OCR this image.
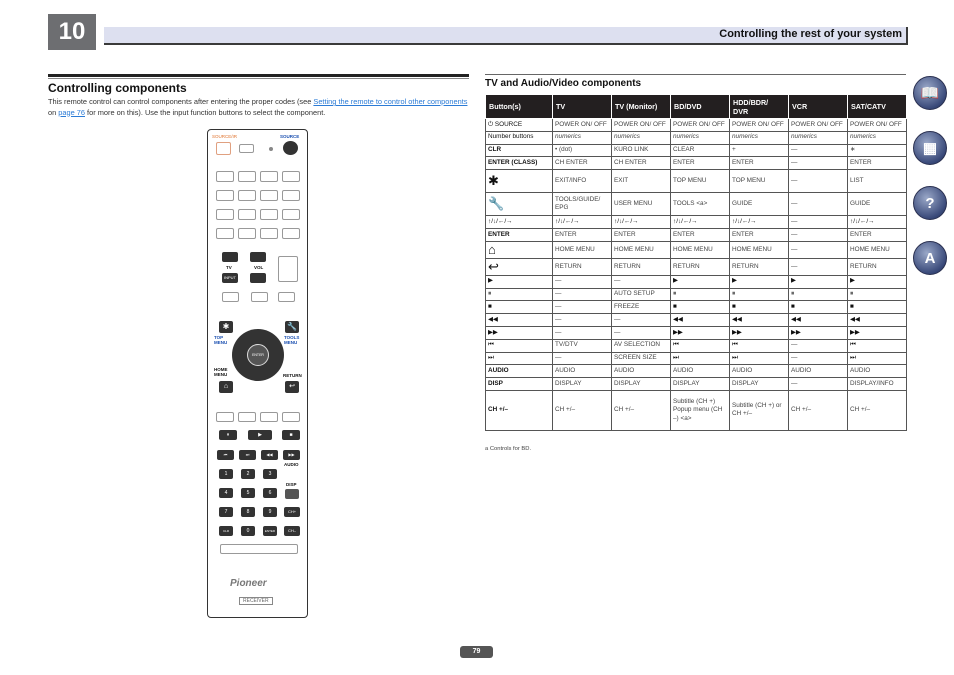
10	Controlling the rest of your system
Controlling components
This remote control can control components after entering the proper codes (see Setting the remote to control other components on page 76 for more on this). Use the input function buttons to select the component.
SOURCE/IR	SOURCE
TV	VOL
INPUT
✱	🔧
TOP MENU
TOOLS MENU
ENTER
HOME MENU	RETURN
⌂	↩
⏸	▶	■
⏮	⏭	◀◀	▶▶
AUDIO
DISP
CH+
CH–
Pioneer
RECEIVER
1	2	3
4	5	6
7	8	9
CLR	0	ENTER
TV and Audio/Video components
Button(s)	TV	TV (Monitor)	BD/DVD	HDD/BDR/ DVR	VCR	SAT/CATV
⏻ SOURCE	POWER ON/ OFF	POWER ON/ OFF	POWER ON/ OFF	POWER ON/ OFF	POWER ON/ OFF	POWER ON/ OFF
Number buttons	numerics	numerics	numerics	numerics	numerics	numerics
CLR	• (dot)	KURO LINK	CLEAR	+	—	∗
ENTER (CLASS)	CH ENTER	CH ENTER	ENTER	ENTER	—	ENTER
✱	EXIT/INFO	EXIT	TOP MENU	TOP MENU	—	LIST
🔧	TOOLS/GUIDE/ EPG	USER MENU	TOOLS <a>	GUIDE	—	GUIDE
↑/↓/←/→	↑/↓/←/→	↑/↓/←/→	↑/↓/←/→	↑/↓/←/→	—	↑/↓/←/→
ENTER	ENTER	ENTER	ENTER	ENTER	—	ENTER
⌂	HOME MENU	HOME MENU	HOME MENU	HOME MENU	—	HOME MENU
↩	RETURN	RETURN	RETURN	RETURN	—	RETURN
▶	—	—	▶	▶	▶	▶
⏸	—	AUTO SETUP	⏸	⏸	⏸	⏸
■	—	FREEZE	■	■	■	■
◀◀	—	—	◀◀	◀◀	◀◀	◀◀
▶▶	—	—	▶▶	▶▶	▶▶	▶▶
⏮	TV/DTV	AV SELECTION	⏮	⏮	—	⏮
⏭	—	SCREEN SIZE	⏭	⏭	—	⏭
AUDIO	AUDIO	AUDIO	AUDIO	AUDIO	AUDIO	AUDIO
DISP	DISPLAY	DISPLAY	DISPLAY	DISPLAY	—	DISPLAY/INFO
CH +/–	CH +/–	CH +/–	Subtitle (CH +) Popup menu (CH –) <a>	Subtitle (CH +) or CH +/–	CH +/–	CH +/–
a Controls for BD.
79
📖
▦
?
A
